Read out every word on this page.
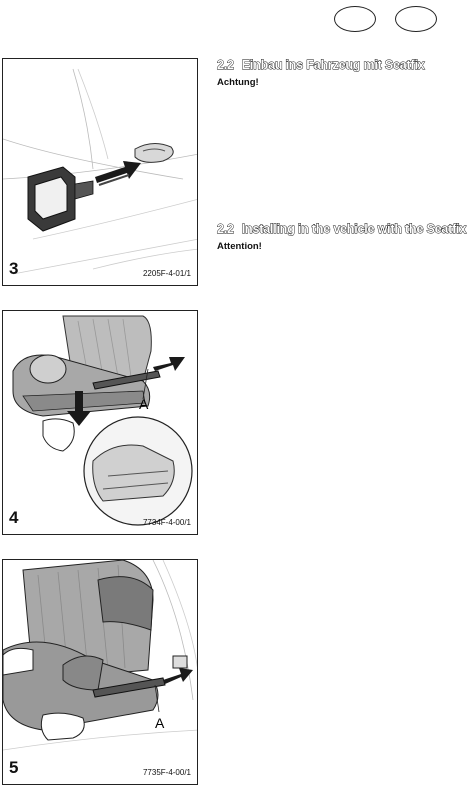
3	2205F-4-01/1
A
4	7734F-4-00/1
A
5	7735F-4-00/1
2.2 Einbau ins Fahrzeug mit Seatfix
Achtung!
2.2 Installing in the vehicle with the Seatfix
Attention!
